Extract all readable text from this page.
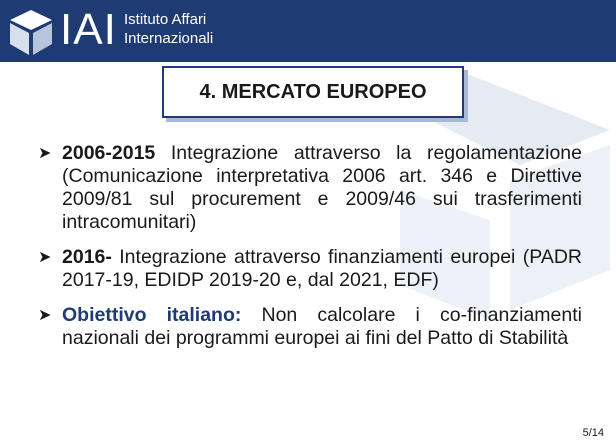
IAI Istituto Affari
Internazionali
4. MERCATO EUROPEO
➤ 2006-2015 Integrazione attraverso la regolamentazione (Comunicazione interpretativa 2006 art. 346 e Direttive 2009/81 sul procurement e 2009/46 sui trasferimenti intracomunitari)
➤ 2016- Integrazione attraverso finanziamenti europei (PADR 2017-19, EDIDP 2019-20 e, dal 2021, EDF)
➤ Obiettivo italiano: Non calcolare i co-finanziamenti nazionali dei programmi europei ai fini del Patto di Stabilità
5/14
